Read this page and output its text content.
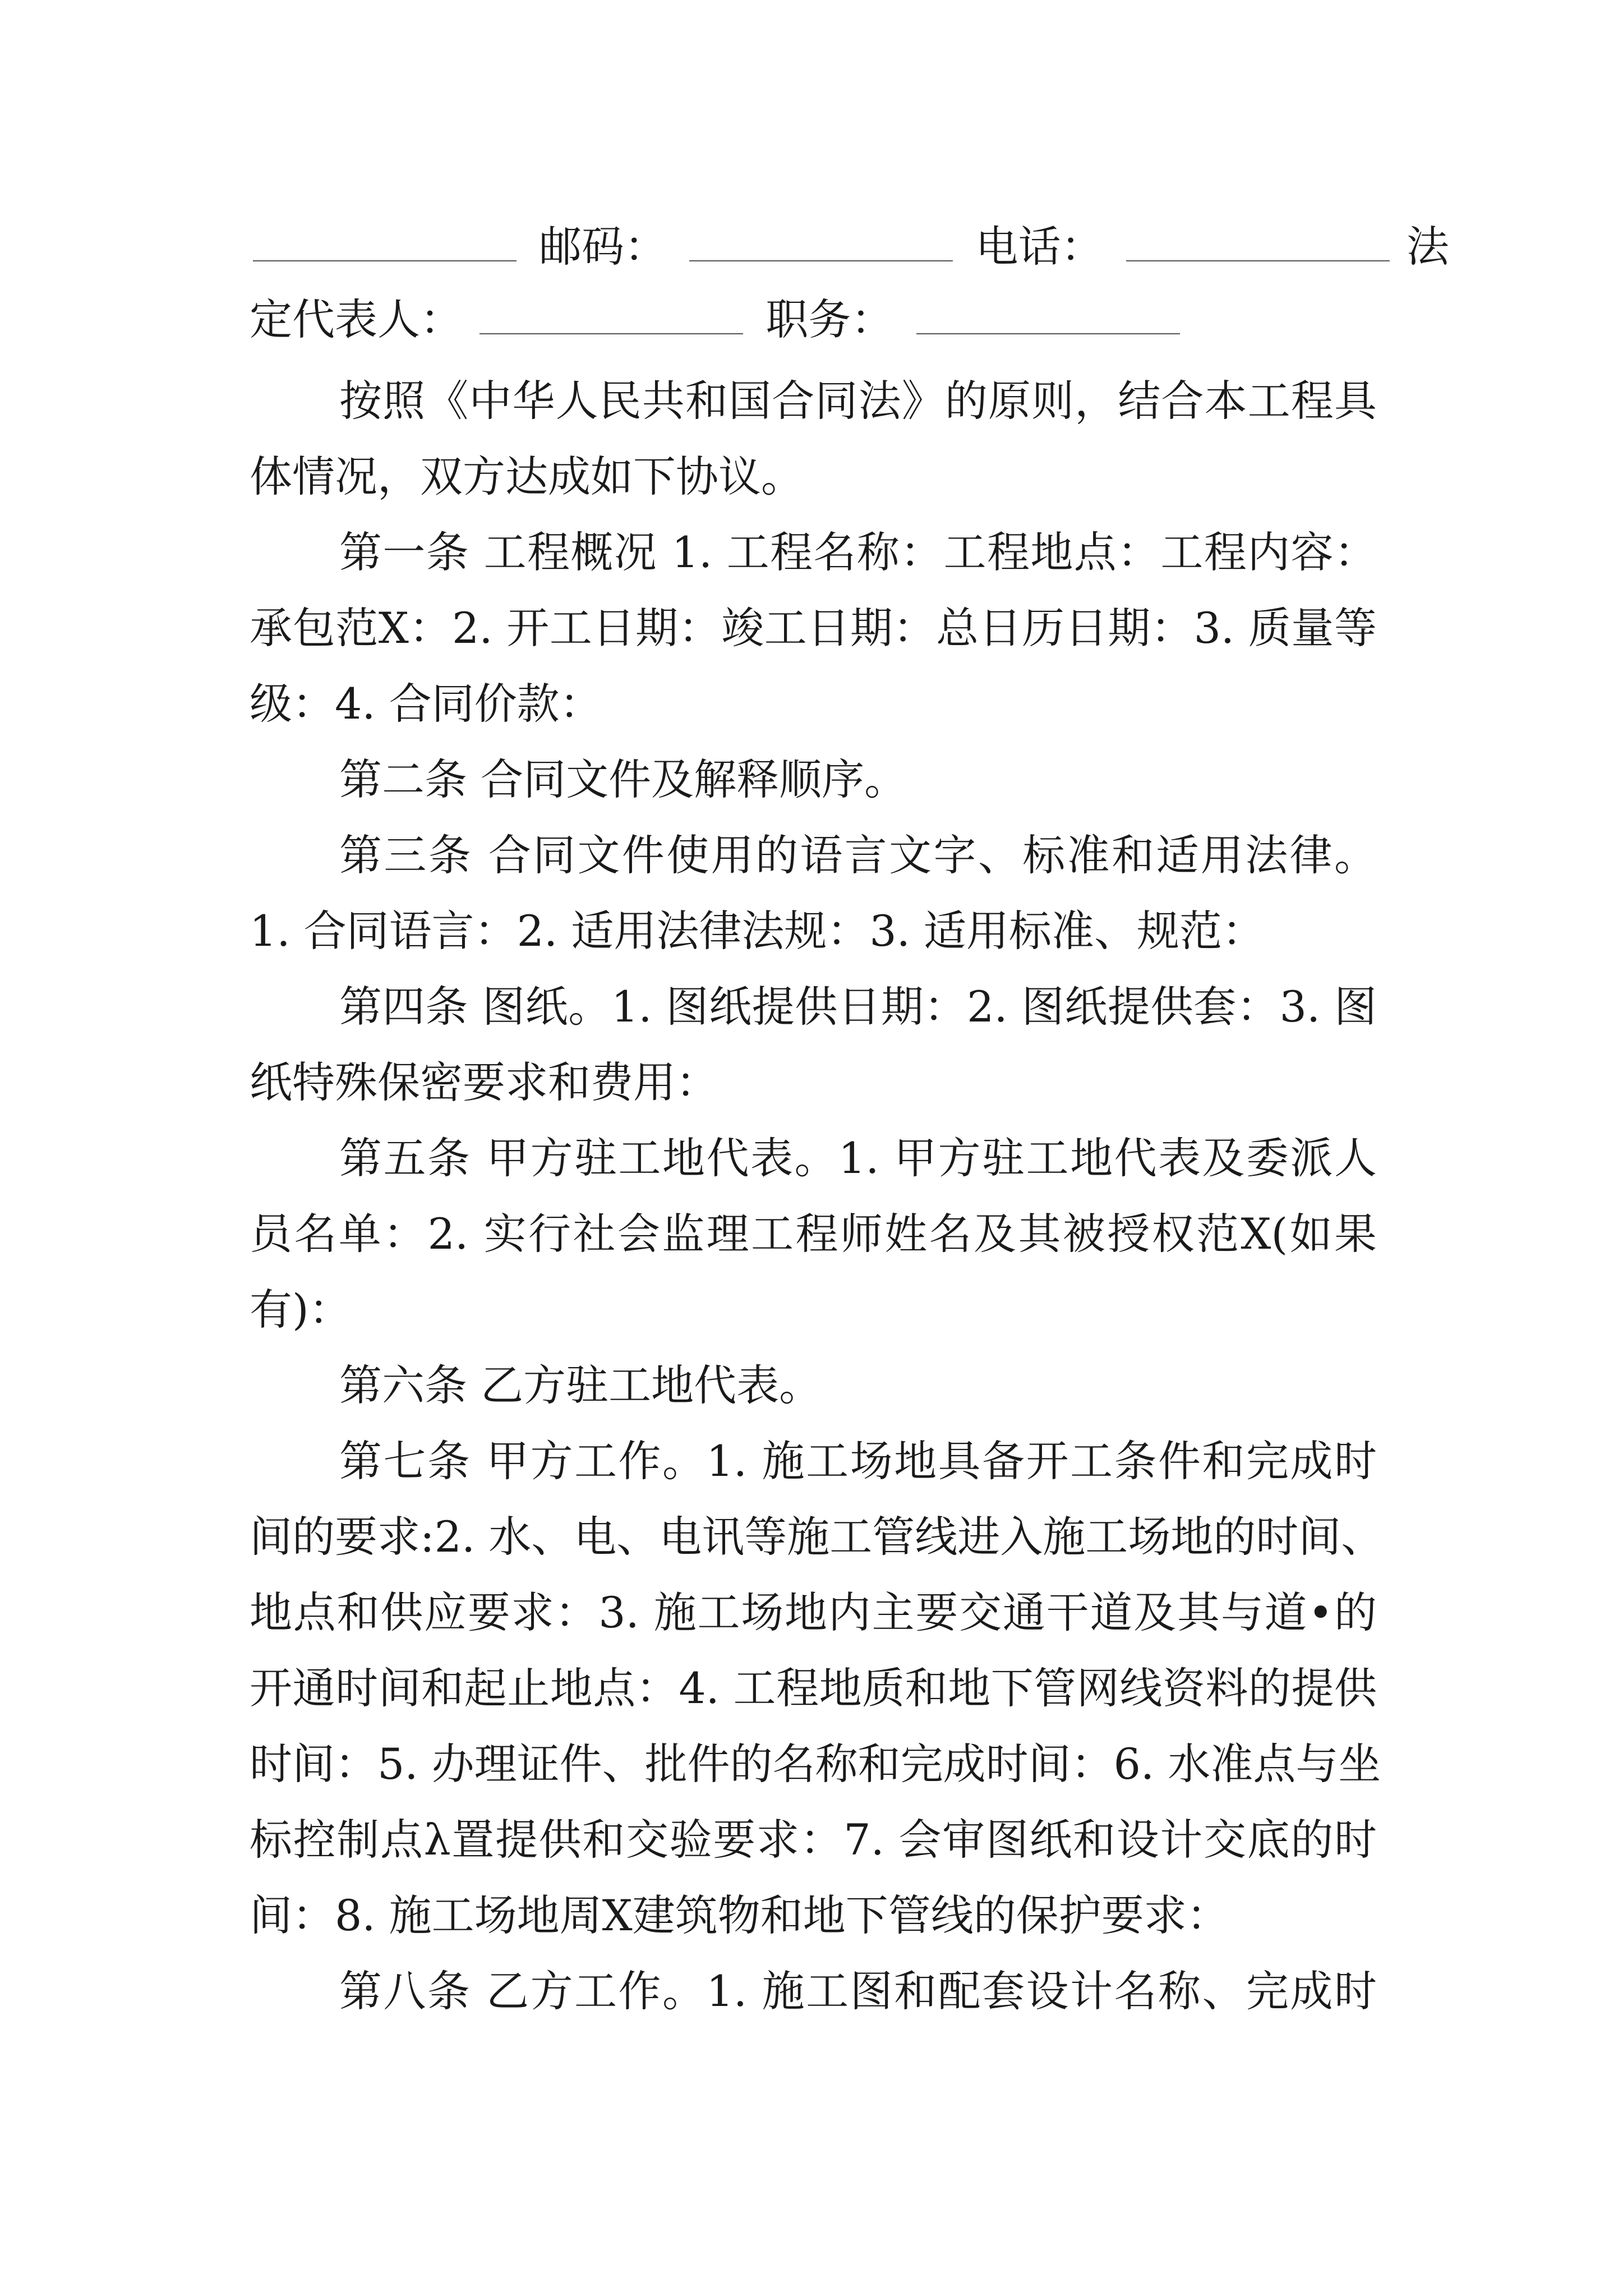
邮码：	电话：	法
定代表人：	职务：
按照《中华人民共和国合同法》的原则，结合本工程具
体情况，双方达成如下协议。
第一条 工程概况 1. 工程名称：工程地点：工程内容：
承包范X：2. 开工日期：竣工日期：总日历日期：3. 质量等
级：4. 合同价款：
第二条 合同文件及解释顺序。
第三条 合同文件使用的语言文字、标准和适用法律。
1. 合同语言：2. 适用法律法规：3. 适用标准、规范：
第四条 图纸。1. 图纸提供日期：2. 图纸提供套：3. 图
纸特殊保密要求和费用：
第五条 甲方驻工地代表。1. 甲方驻工地代表及委派人
员名单：2. 实行社会监理工程师姓名及其被授权范X(如果
有)：
第六条 乙方驻工地代表。
第七条 甲方工作。1. 施工场地具备开工条件和完成时
间的要求:2. 水、电、电讯等施工管线进入施工场地的时间、
地点和供应要求：3. 施工场地内主要交通干道及其与道•的
开通时间和起止地点：4. 工程地质和地下管网线资料的提供
时间：5. 办理证件、批件的名称和完成时间：6. 水准点与坐
标控制点λ置提供和交验要求：7. 会审图纸和设计交底的时
间：8. 施工场地周X建筑物和地下管线的保护要求：
第八条 乙方工作。1. 施工图和配套设计名称、完成时
